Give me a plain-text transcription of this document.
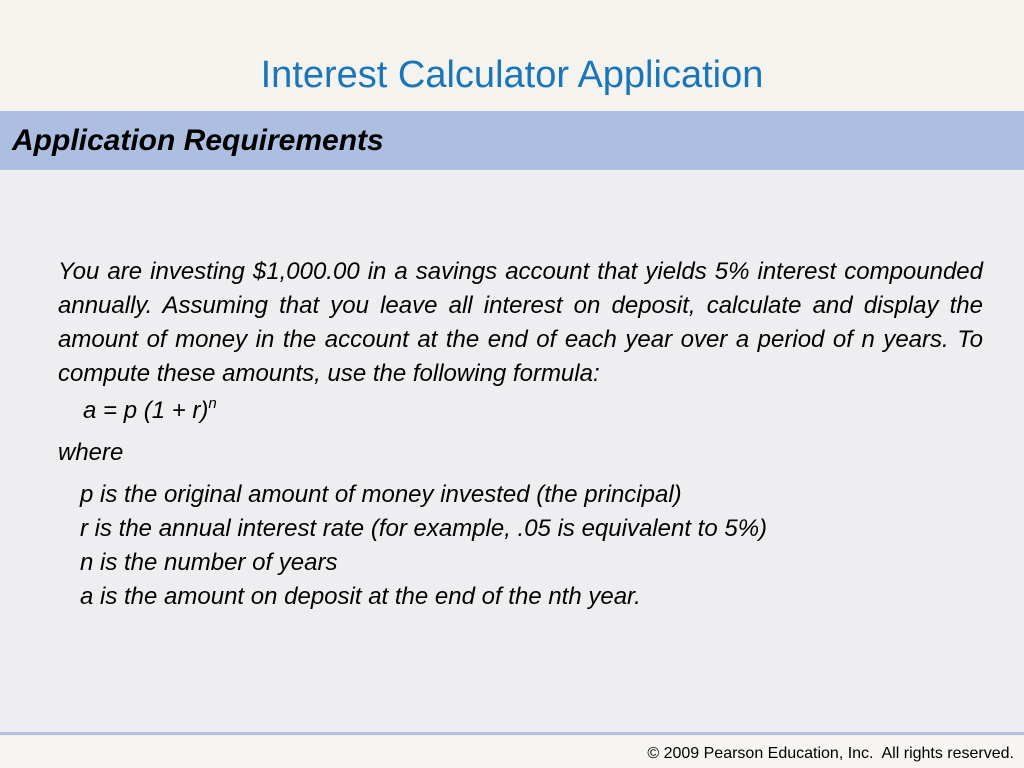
Interest Calculator Application
Application Requirements

You are investing $1,000.00 in a savings account that yields 5% interest compounded annually. Assuming that you leave all interest on deposit, calculate and display the amount of money in the account at the end of each year over a period of n years. To compute these amounts, use the following formula:

a = p $(1 + r)^n$
where
p is the original amount of money invested (the principal)
r is the annual interest rate (for example, .05 is equivalent to 5%)
n is the number of years
a is the amount on deposit at the end of the nth year.
© 2009 Pearson Education, Inc.  All rights reserved.
